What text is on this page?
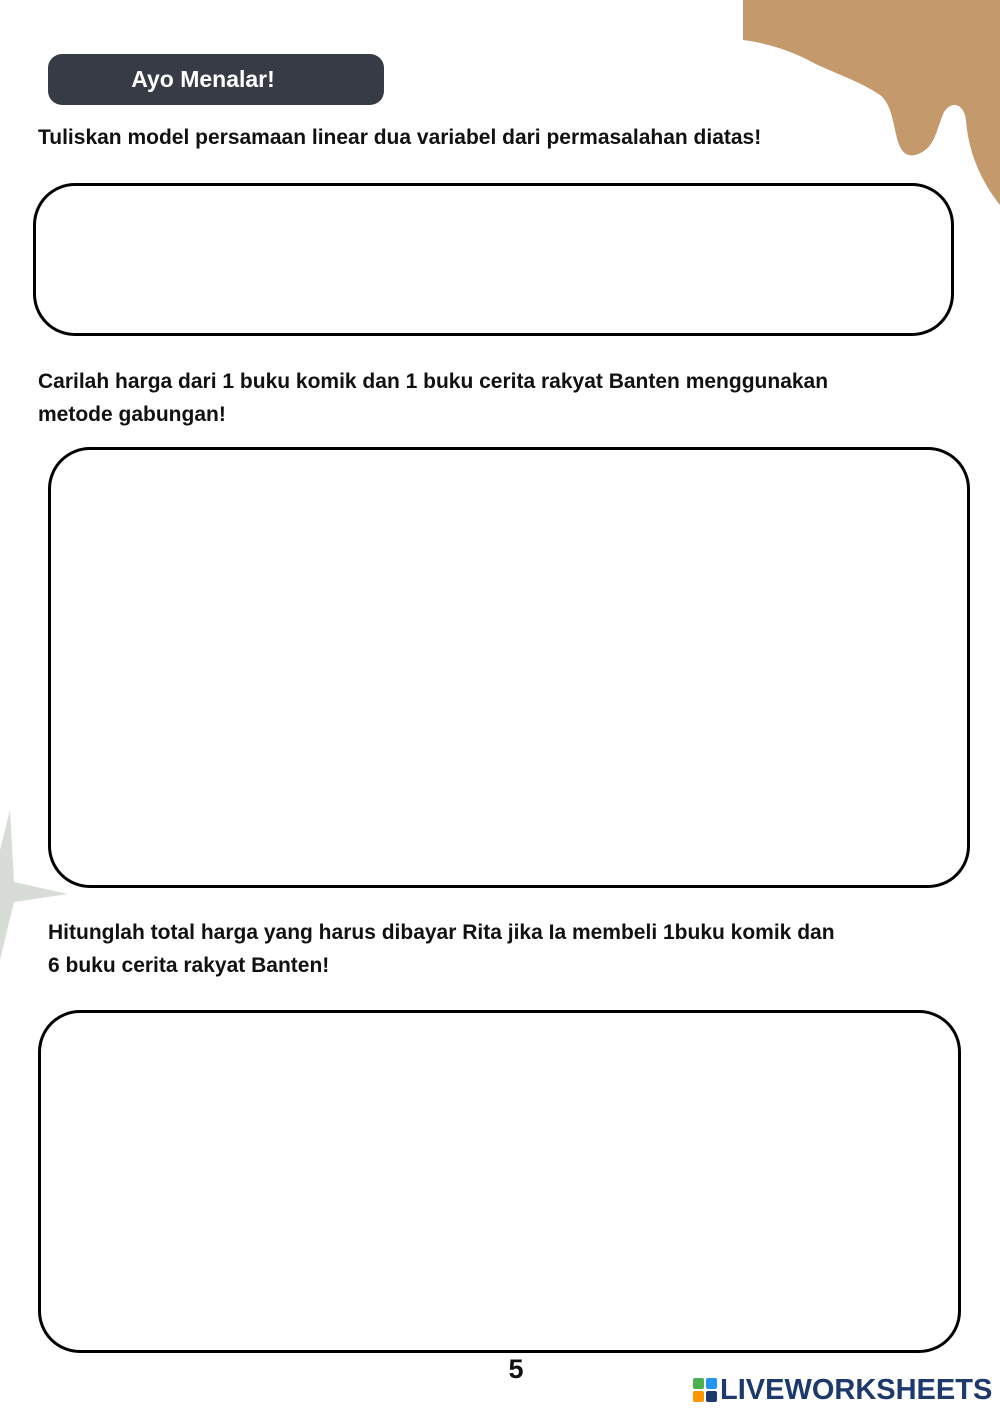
Ayo Menalar!

Tuliskan model persamaan linear dua variabel dari permasalahan diatas!

Carilah harga dari 1 buku komik dan 1 buku cerita rakyat Banten menggunakan
metode gabungan!

Hitunglah total harga yang harus dibayar Rita jika Ia membeli 1buku komik dan
6 buku cerita rakyat Banten!

5
LIVEWORKSHEETS
